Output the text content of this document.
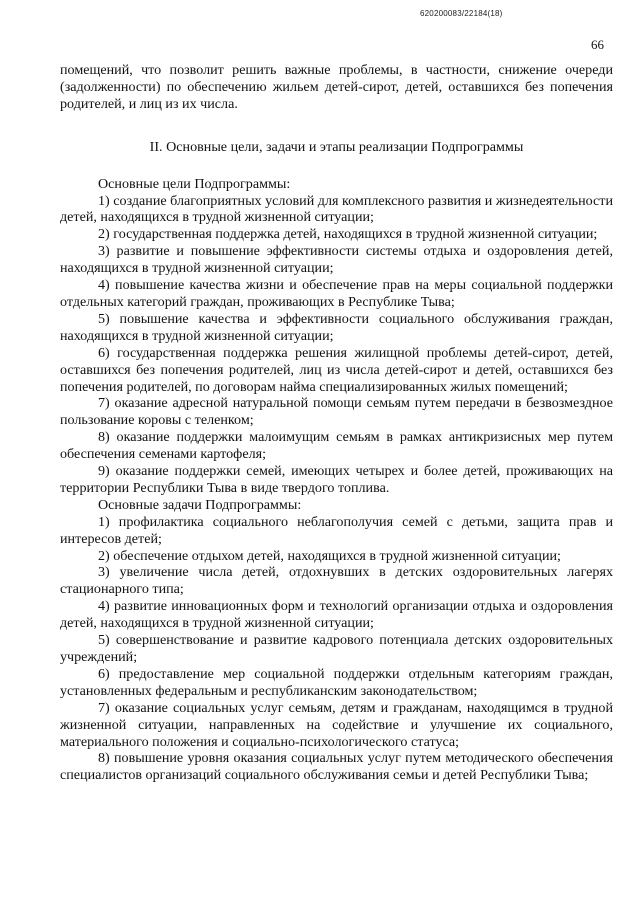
620200083/22184(18)
66

помещений, что позволит решить важные проблемы, в частности, снижение очереди (задолженности) по обеспечению жильем детей-сирот, детей, оставшихся без попечения родителей, и лиц из их числа.

II. Основные цели, задачи и этапы реализации Подпрограммы

Основные цели Подпрограммы:

1) создание благоприятных условий для комплексного развития и жизнедеятельности детей, находящихся в трудной жизненной ситуации;

2) государственная поддержка детей, находящихся в трудной жизненной ситуации;

3) развитие и повышение эффективности системы отдыха и оздоровления детей, находящихся в трудной жизненной ситуации;

4) повышение качества жизни и обеспечение прав на меры социальной поддержки отдельных категорий граждан, проживающих в Республике Тыва;

5) повышение качества и эффективности социального обслуживания граждан, находящихся в трудной жизненной ситуации;

6) государственная поддержка решения жилищной проблемы детей-сирот, детей, оставшихся без попечения родителей, лиц из числа детей-сирот и детей, оставшихся без попечения родителей, по договорам найма специализированных жилых помещений;

7) оказание адресной натуральной помощи семьям путем передачи в безвозмездное пользование коровы с теленком;

8) оказание поддержки малоимущим семьям в рамках антикризисных мер путем обеспечения семенами картофеля;

9) оказание поддержки семей, имеющих четырех и более детей, проживающих на территории Республики Тыва в виде твердого топлива.

Основные задачи Подпрограммы:

1) профилактика социального неблагополучия семей с детьми, защита прав и интересов детей;

2) обеспечение отдыхом детей, находящихся в трудной жизненной ситуации;

3) увеличение числа детей, отдохнувших в детских оздоровительных лагерях стационарного типа;

4) развитие инновационных форм и технологий организации отдыха и оздоровления детей, находящихся в трудной жизненной ситуации;

5) совершенствование и развитие кадрового потенциала детских оздоровительных учреждений;

6) предоставление мер социальной поддержки отдельным категориям граждан, установленных федеральным и республиканским законодательством;

7) оказание социальных услуг семьям, детям и гражданам, находящимся в трудной жизненной ситуации, направленных на содействие и улучшение их социального, материального положения и социально-психологического статуса;

8) повышение уровня оказания социальных услуг путем методического обеспечения специалистов организаций социального обслуживания семьи и детей Республики Тыва;
